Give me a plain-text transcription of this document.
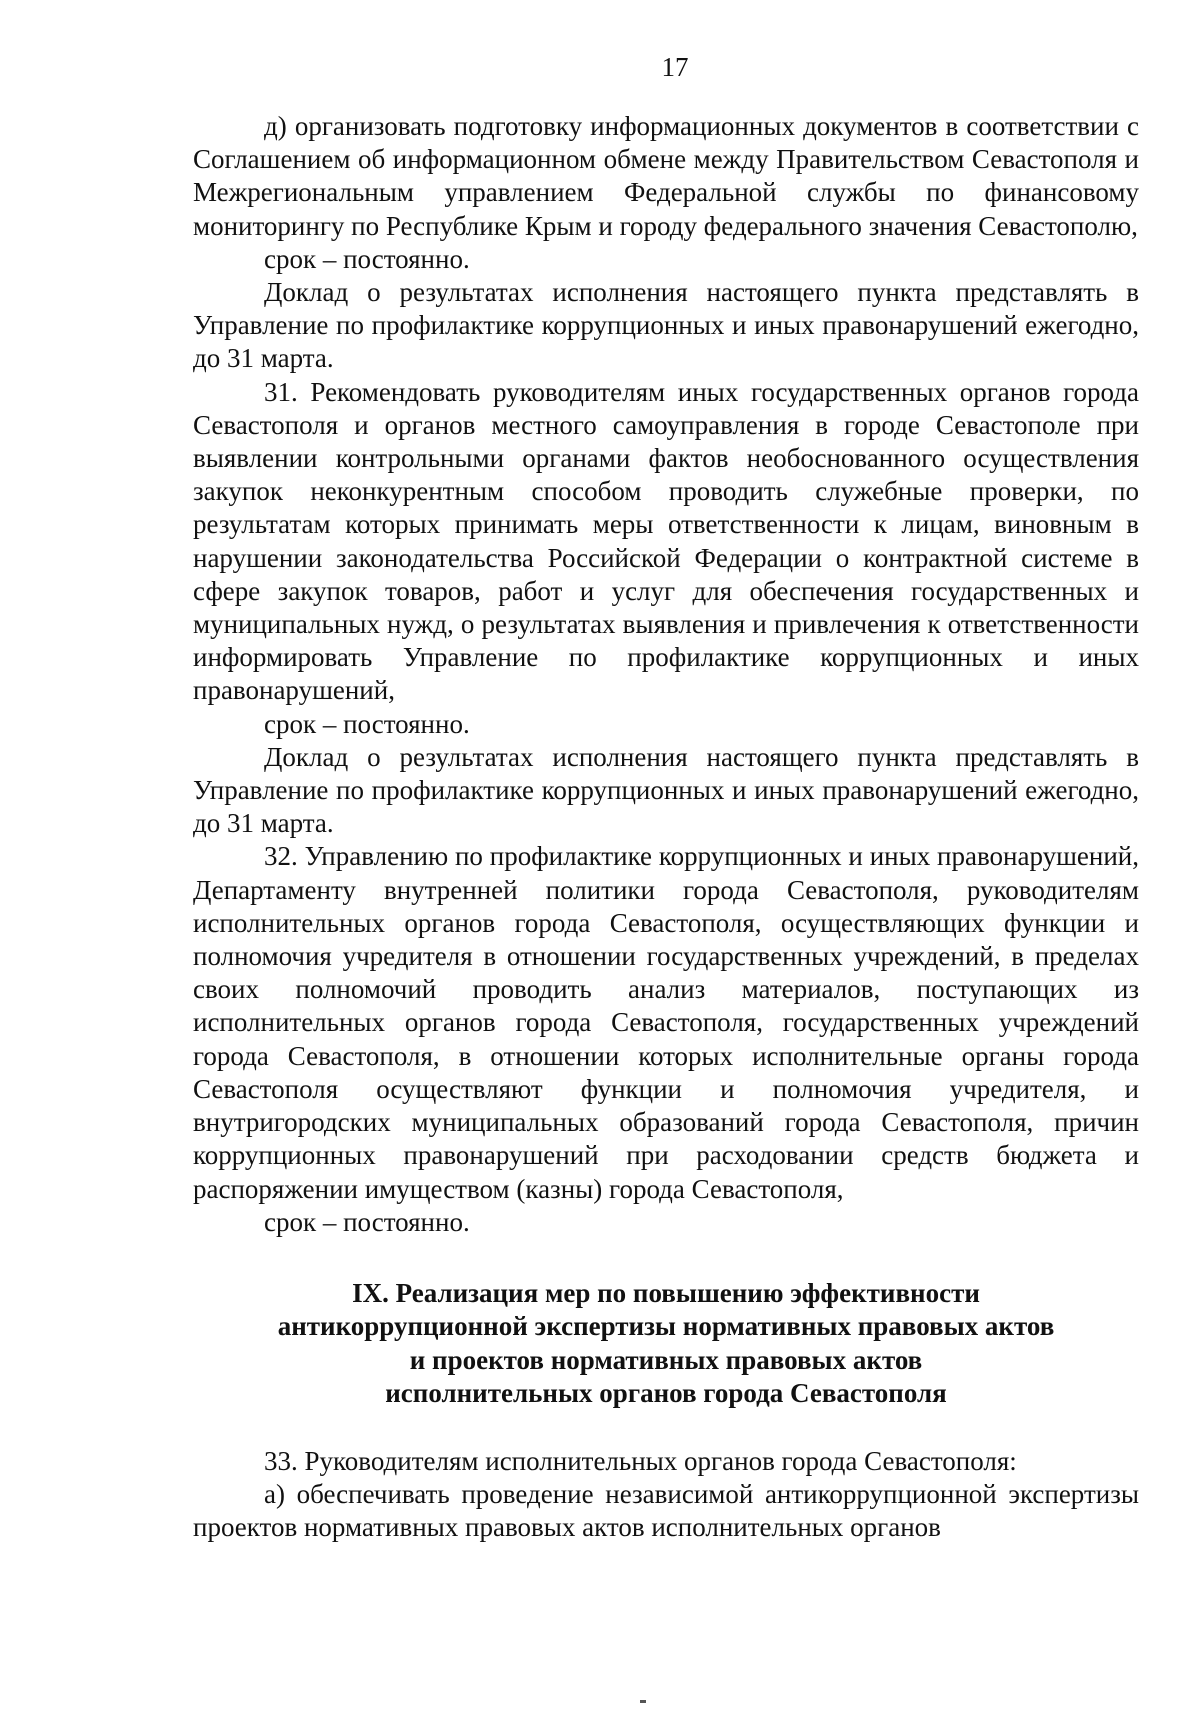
17

д) организовать подготовку информационных документов в соответствии с Соглашением об информационном обмене между Правительством Севастополя и Межрегиональным управлением Федеральной службы по финансовому мониторингу по Республике Крым и городу федерального значения Севастополю,

срок – постоянно.

Доклад о результатах исполнения настоящего пункта представлять в Управление по профилактике коррупционных и иных правонарушений ежегодно, до 31 марта.

31. Рекомендовать руководителям иных государственных органов города Севастополя и органов местного самоуправления в городе Севастополе при выявлении контрольными органами фактов необоснованного осуществления закупок неконкурентным способом проводить служебные проверки, по результатам которых принимать меры ответственности к лицам, виновным в нарушении законодательства Российской Федерации о контрактной системе в сфере закупок товаров, работ и услуг для обеспечения государственных и муниципальных нужд, о результатах выявления и привлечения к ответственности информировать Управление по профилактике коррупционных и иных правонарушений,

срок – постоянно.

Доклад о результатах исполнения настоящего пункта представлять в Управление по профилактике коррупционных и иных правонарушений ежегодно, до 31 марта.

32. Управлению по профилактике коррупционных и иных правонарушений, Департаменту внутренней политики города Севастополя, руководителям исполнительных органов города Севастополя, осуществляющих функции и полномочия учредителя в отношении государственных учреждений, в пределах своих полномочий проводить анализ материалов, поступающих из исполнительных органов города Севастополя, государственных учреждений города Севастополя, в отношении которых исполнительные органы города Севастополя осуществляют функции и полномочия учредителя, и внутригородских муниципальных образований города Севастополя, причин коррупционных правонарушений при расходовании средств бюджета и распоряжении имуществом (казны) города Севастополя,

срок – постоянно.

IX. Реализация мер по повышению эффективности
антикоррупционной экспертизы нормативных правовых актов
и проектов нормативных правовых актов
исполнительных органов города Севастополя

33. Руководителям исполнительных органов города Севастополя:

а) обеспечивать проведение независимой антикоррупционной экспертизы проектов нормативных правовых актов исполнительных органов
